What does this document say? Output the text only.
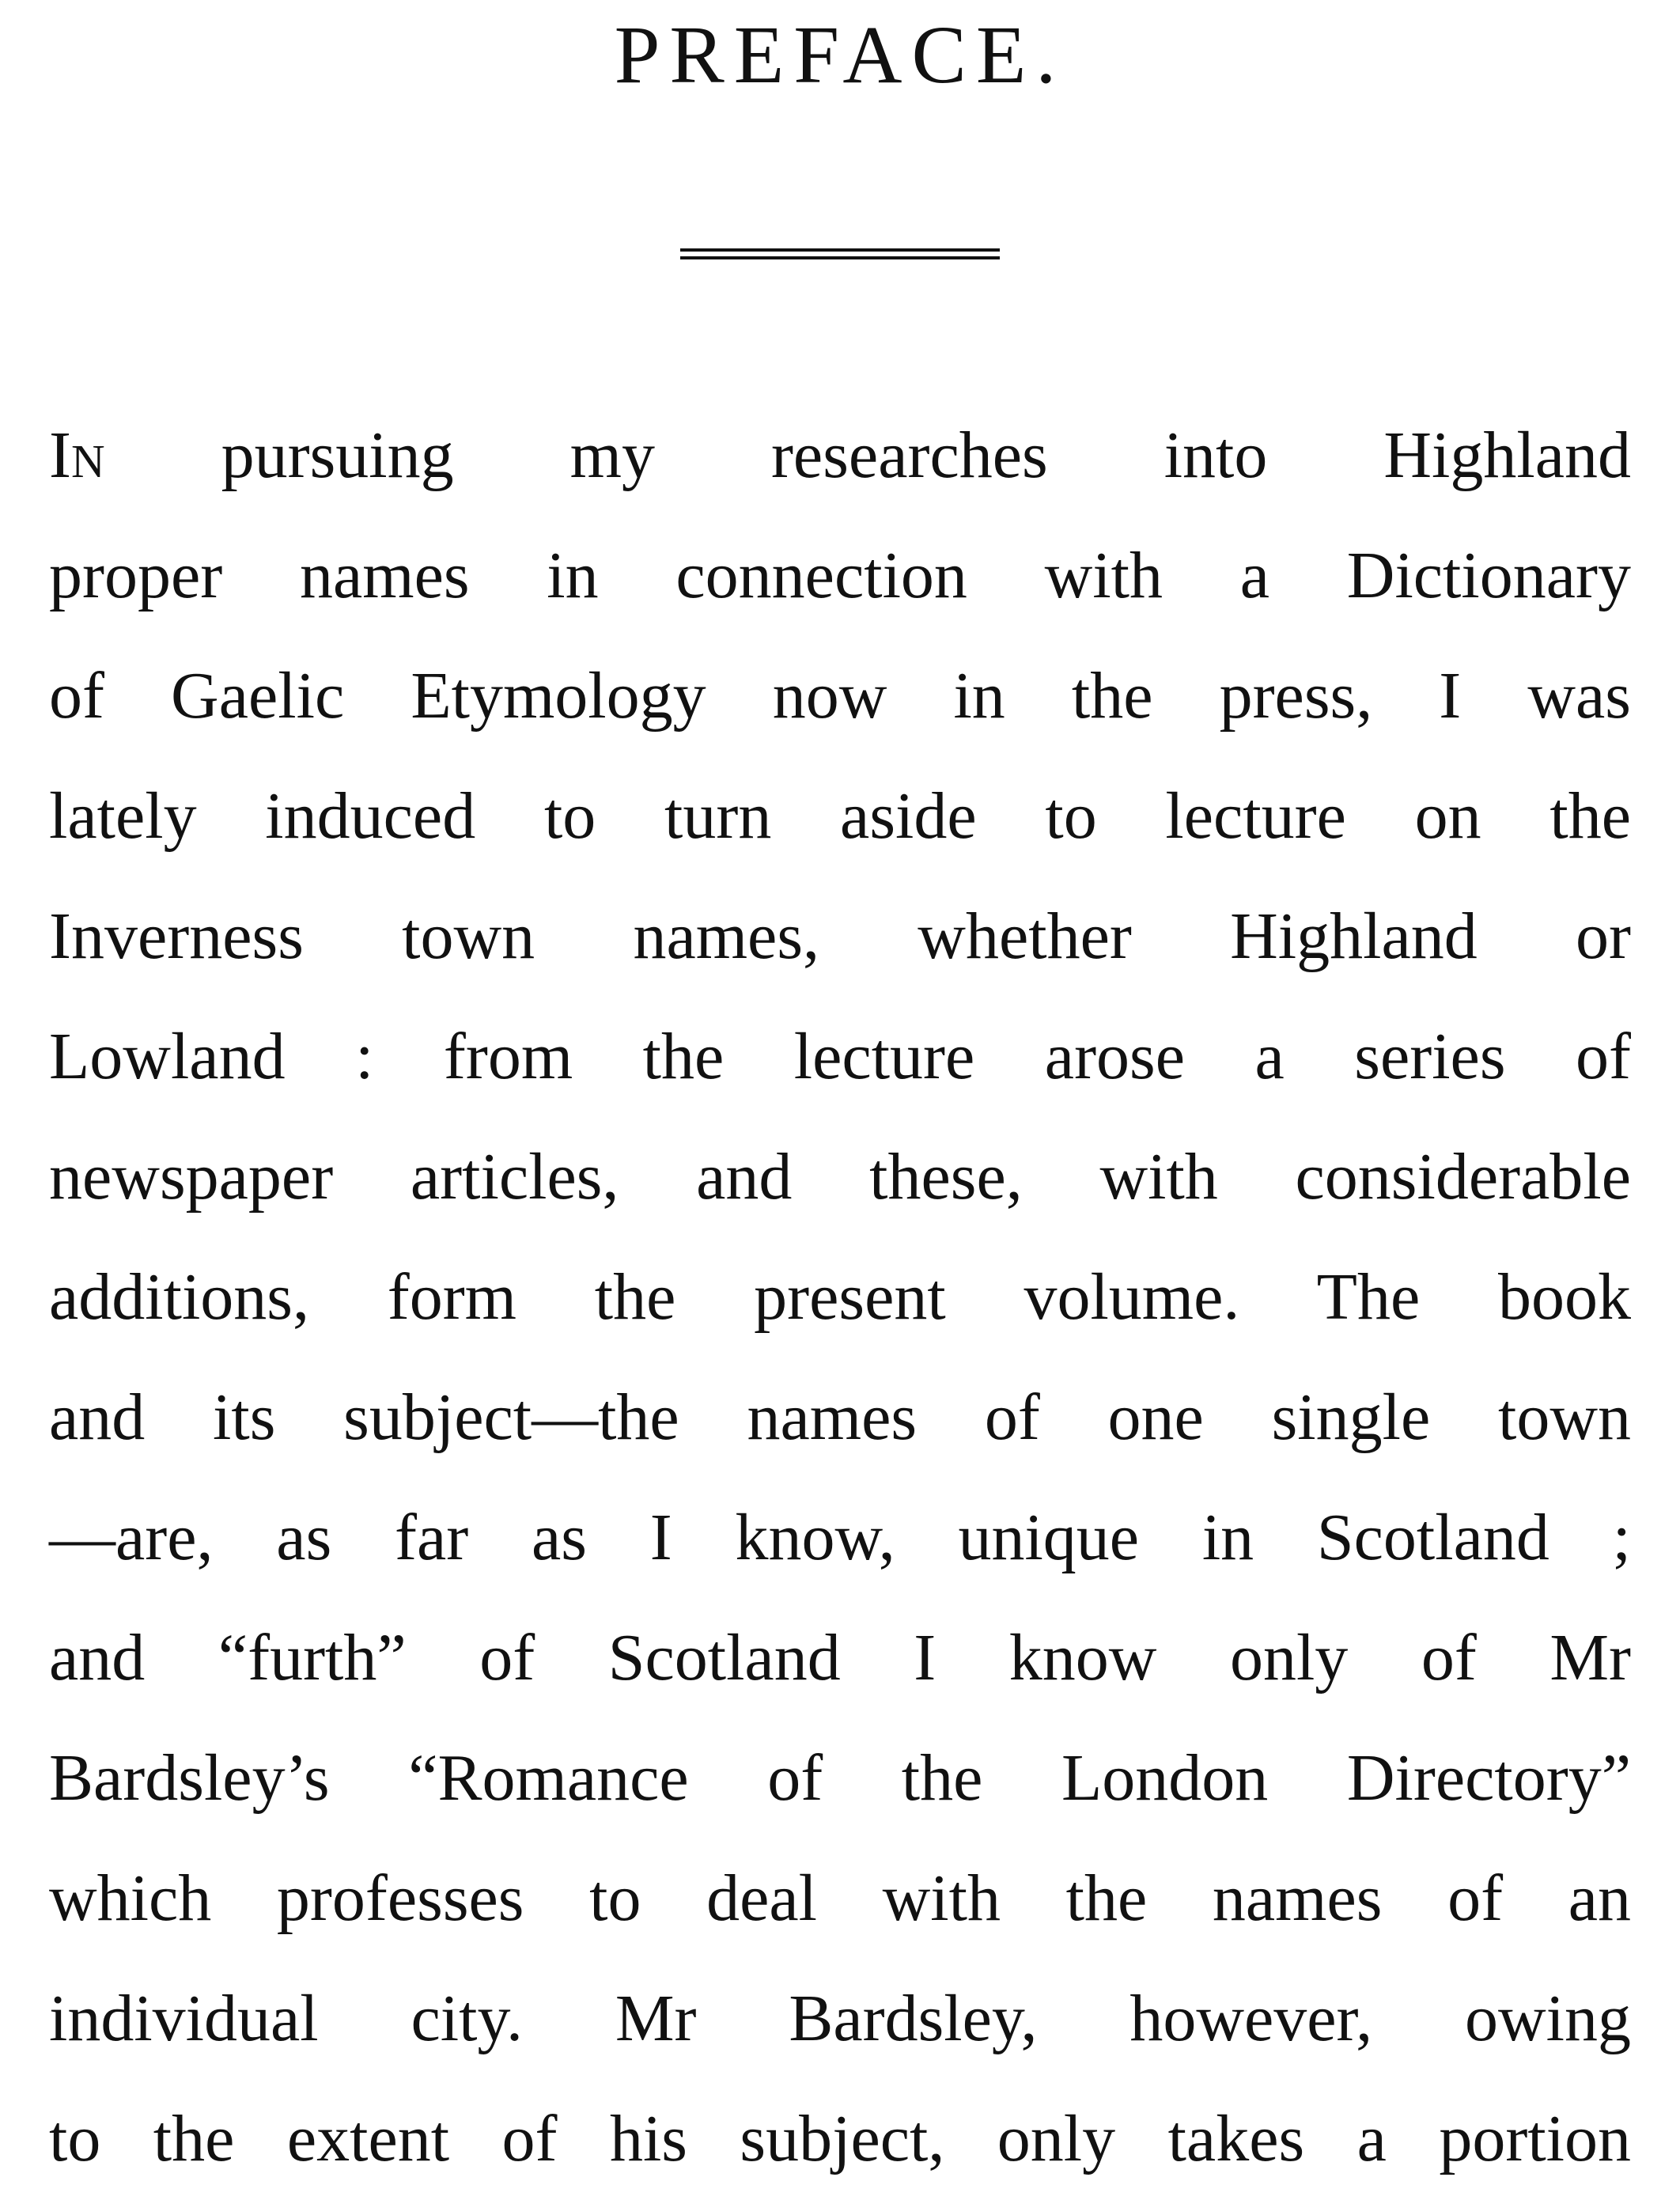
PREFACE.
In pursuing my researches into Highland
proper names in connection with a Dictionary
of Gaelic Etymology now in the press, I was
lately induced to turn aside to lecture on the
Inverness town names, whether Highland or
Lowland : from the lecture arose a series of
newspaper articles, and these, with considerable
additions, form the present volume. The book
and its subject—the names of one single town
—are, as far as I know, unique in Scotland ;
and “furth” of Scotland I know only of Mr
Bardsley’s “Romance of the London Directory”
which professes to deal with the names of an
individual city. Mr Bardsley, however, owing
to the extent of his subject, only takes a portion
